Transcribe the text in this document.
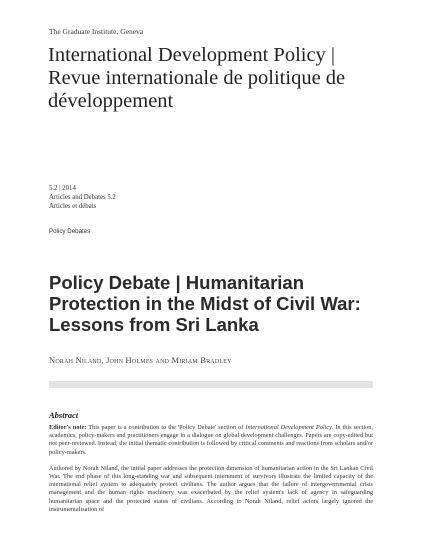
The Graduate Institute, Geneva
International Development Policy | Revue internationale de politique de développement
5.2 | 2014
Articles and Debates 5.2
Articles et débats
Policy Debates
Policy Debate | Humanitarian Protection in the Midst of Civil War: Lessons from Sri Lanka
Norah Niland, John Holmes and Miriam Bradley
Abstract

Editor's note: This paper is a contribution to the 'Policy Debate' section of International Development Policy. In this section, academics, policy-makers and practitioners engage in a dialogue on global development challenges. Papers are copy-edited but not peer-reviewed. Instead, the initial thematic contribution is followed by critical comments and reactions from scholars and/or policy-makers.

Authored by Norah Niland, the initial paper addresses the protection dimension of humanitarian action in the Sri Lankan Civil War. The end phase of this long-standing war and subsequent internment of survivors illustrate the limited capacity of the international relief system to adequately protect civilians. The author argues that the failure of intergovernmental crisis management and the human rights machinery was exacerbated by the relief system's lack of agency in safeguarding humanitarian space and the protected status of civilians. According to Norah Niland, relief actors largely ignored the instrumentalisation of
